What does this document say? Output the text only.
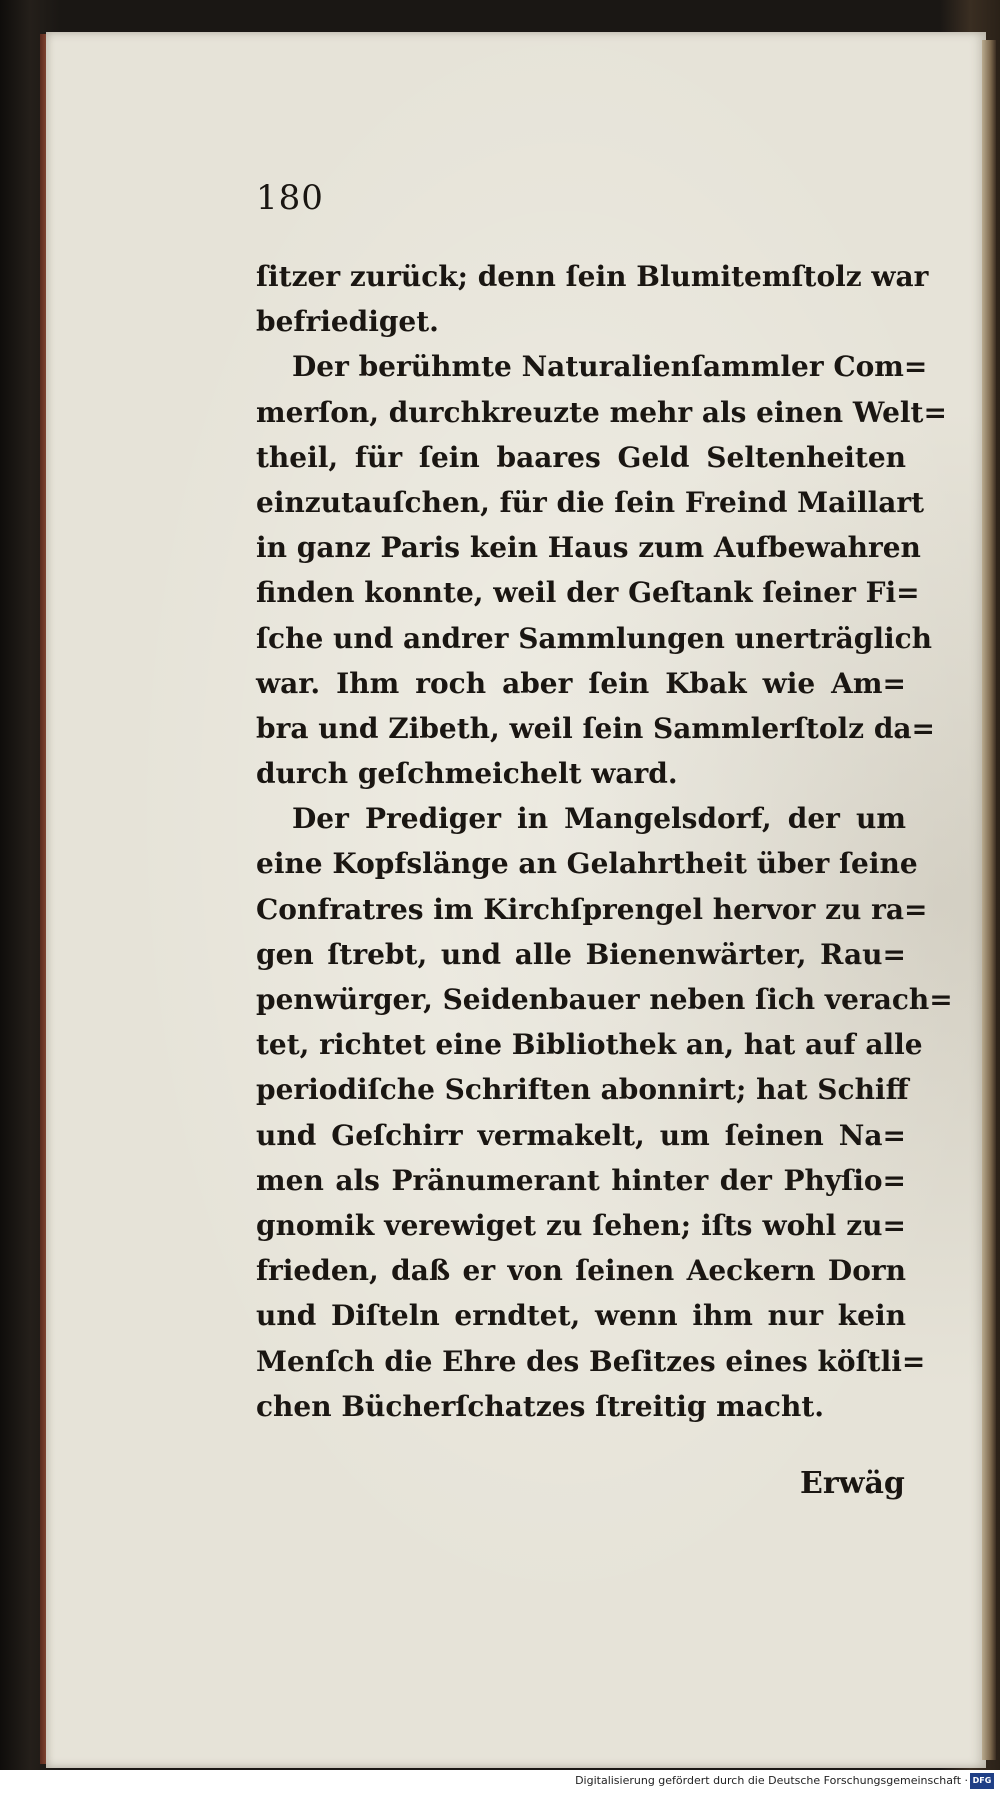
180
ſitzer zurück; denn ſein Blumitemſtolz war
befriediget.
Der berühmte Naturalienſammler Com=
merſon, durchkreuzte mehr als einen Welt=
theil, für ſein baares Geld Seltenheiten
einzutauſchen, für die ſein Freind Maillart
in ganz Paris kein Haus zum Aufbewahren
finden konnte, weil der Geſtank ſeiner Fi=
ſche und andrer Sammlungen unerträglich
war. Ihm roch aber ſein Kbak wie Am=
bra und Zibeth, weil ſein Sammlerſtolz da=
durch geſchmeichelt ward.
Der Prediger in Mangelsdorf, der um
eine Kopfslänge an Gelahrtheit über ſeine
Confratres im Kirchſprengel hervor zu ra=
gen ſtrebt, und alle Bienenwärter, Rau=
penwürger, Seidenbauer neben ſich verach=
tet, richtet eine Bibliothek an, hat auf alle
periodiſche Schriften abonnirt; hat Schiff
und Geſchirr vermakelt, um ſeinen Na=
men als Pränumerant hinter der Phyſio=
gnomik verewiget zu ſehen; iſts wohl zu=
frieden, daß er von ſeinen Aeckern Dorn
und Diſteln erndtet, wenn ihm nur kein
Menſch die Ehre des Beſitzes eines köſtli=
chen Bücherſchatzes ſtreitig macht.
Erwäg
Digitalisierung gefördert durch die Deutsche Forschungsgemeinschaft · DFG
